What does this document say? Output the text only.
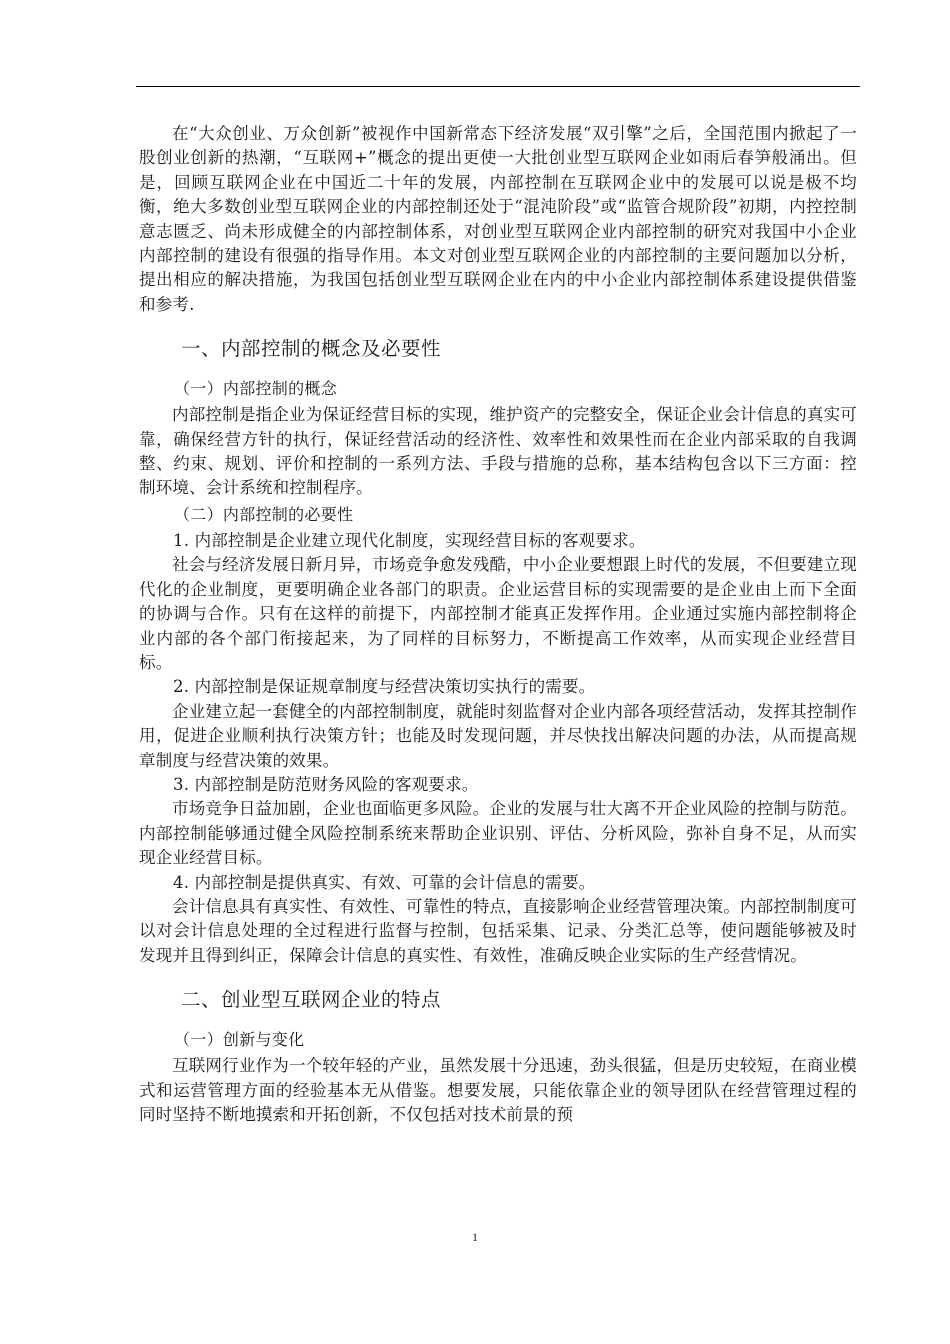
在“大众创业、万众创新”被视作中国新常态下经济发展“双引擎”之后，全国范围内掀起了一股创业创新的热潮，“互联网+”概念的提出更使一大批创业型互联网企业如雨后春笋般涌出。但是，回顾互联网企业在中国近二十年的发展，内部控制在互联网企业中的发展可以说是极不均衡，绝大多数创业型互联网企业的内部控制还处于“混沌阶段”或“监管合规阶段”初期，内控控制意志匮乏、尚未形成健全的内部控制体系，对创业型互联网企业内部控制的研究对我国中小企业内部控制的建设有很强的指导作用。本文对创业型互联网企业的内部控制的主要问题加以分析，提出相应的解决措施，为我国包括创业型互联网企业在内的中小企业内部控制体系建设提供借鉴和参考.

一、内部控制的概念及必要性
（一）内部控制的概念

内部控制是指企业为保证经营目标的实现，维护资产的完整安全，保证企业会计信息的真实可靠，确保经营方针的执行，保证经营活动的经济性、效率性和效果性而在企业内部采取的自我调整、约束、规划、评价和控制的一系列方法、手段与措施的总称，基本结构包含以下三方面：控制环境、会计系统和控制程序。

（二）内部控制的必要性
1. 内部控制是企业建立现代化制度，实现经营目标的客观要求。

社会与经济发展日新月异，市场竞争愈发残酷，中小企业要想跟上时代的发展，不但要建立现代化的企业制度，更要明确企业各部门的职责。企业运营目标的实现需要的是企业由上而下全面的协调与合作。只有在这样的前提下，内部控制才能真正发挥作用。企业通过实施内部控制将企业内部的各个部门衔接起来，为了同样的目标努力，不断提高工作效率，从而实现企业经营目标。

2. 内部控制是保证规章制度与经营决策切实执行的需要。

企业建立起一套健全的内部控制制度，就能时刻监督对企业内部各项经营活动，发挥其控制作用，促进企业顺利执行决策方针；也能及时发现问题，并尽快找出解决问题的办法，从而提高规章制度与经营决策的效果。

3. 内部控制是防范财务风险的客观要求。

市场竞争日益加剧，企业也面临更多风险。企业的发展与壮大离不开企业风险的控制与防范。内部控制能够通过健全风险控制系统来帮助企业识别、评估、分析风险，弥补自身不足，从而实现企业经营目标。

4. 内部控制是提供真实、有效、可靠的会计信息的需要。

会计信息具有真实性、有效性、可靠性的特点，直接影响企业经营管理决策。内部控制制度可以对会计信息处理的全过程进行监督与控制，包括采集、记录、分类汇总等，使问题能够被及时发现并且得到纠正，保障会计信息的真实性、有效性，准确反映企业实际的生产经营情况。

二、创业型互联网企业的特点
（一）创新与变化

互联网行业作为一个较年轻的产业，虽然发展十分迅速，劲头很猛，但是历史较短，在商业模式和运营管理方面的经验基本无从借鉴。想要发展，只能依靠企业的领导团队在经营管理过程的同时坚持不断地摸索和开拓创新，不仅包括对技术前景的预

1
